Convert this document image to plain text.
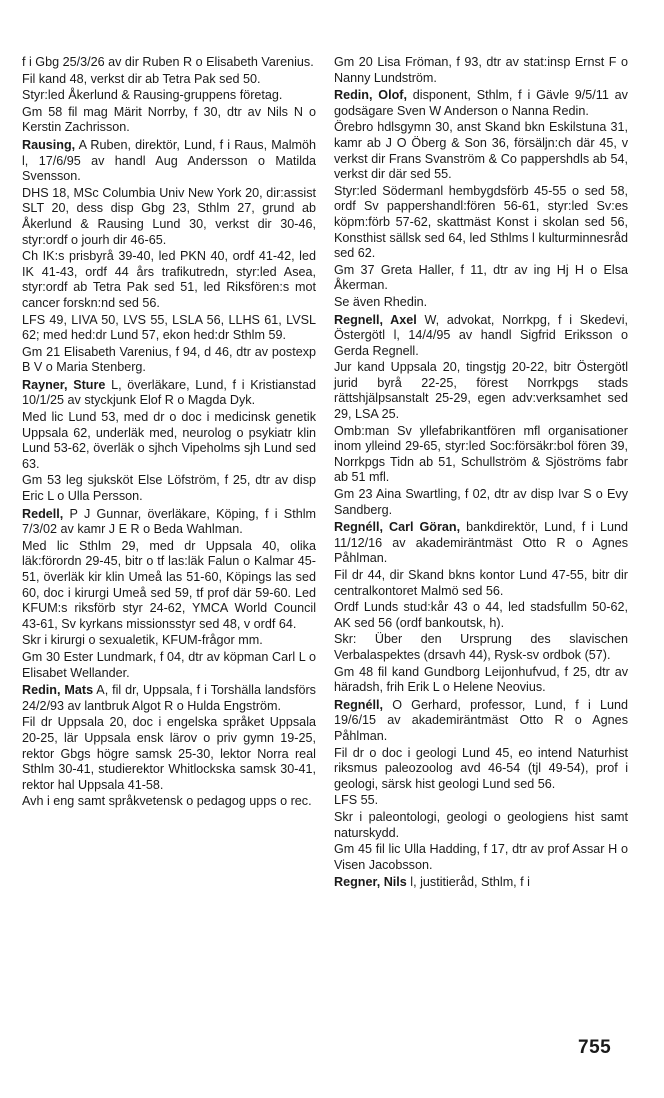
f i Gbg 25/3/26 av dir Ruben R o Elisabeth Varenius.

Fil kand 48, verkst dir ab Tetra Pak sed 50.

Styr:led Åkerlund & Rausing-gruppens företag.

Gm 58 fil mag Märit Norrby, f 30, dtr av Nils N o Kerstin Zachrisson.

Rausing, A Ruben, direktör, Lund, f i Raus, Malmöh l, 17/6/95 av handl Aug Andersson o Matilda Svensson.

DHS 18, MSc Columbia Univ New York 20, dir:assist SLT 20, dess disp Gbg 23, Sthlm 27, grund ab Åkerlund & Rausing Lund 30, verkst dir 30-46, styr:ordf o jourh dir 46-65.

Ch IK:s prisbyrå 39-40, led PKN 40, ordf 41-42, led IK 41-43, ordf 44 års trafikutredn, styr:led Asea, styr:ordf ab Tetra Pak sed 51, led Riksfören:s mot cancer forskn:nd sed 56.

LFS 49, LIVA 50, LVS 55, LSLA 56, LLHS 61, LVSL 62; med hed:dr Lund 57, ekon hed:dr Sthlm 59.

Gm 21 Elisabeth Varenius, f 94, d 46, dtr av postexp B V o Maria Stenberg.

Rayner, Sture L, överläkare, Lund, f i Kristianstad 10/1/25 av styckjunk Elof R o Magda Dyk.

Med lic Lund 53, med dr o doc i medicinsk genetik Uppsala 62, underläk med, neurolog o psykiatr klin Lund 53-62, överläk o sjhch Vipeholms sjh Lund sed 63.

Gm 53 leg sjuksköt Else Löfström, f 25, dtr av disp Eric L o Ulla Persson.

Redell, P J Gunnar, överläkare, Köping, f i Sthlm 7/3/02 av kamr J E R o Beda Wahlman.

Med lic Sthlm 29, med dr Uppsala 40, olika läk:förordn 29-45, bitr o tf las:läk Falun o Kalmar 45-51, överläk kir klin Umeå las 51-60, Köpings las sed 60, doc i kirurgi Umeå sed 59, tf prof där 59-60. Led KFUM:s riksförb styr 24-62, YMCA World Council 43-61, Sv kyrkans missionsstyr sed 48, v ordf 64.

Skr i kirurgi o sexualetik, KFUM-frågor mm.

Gm 30 Ester Lundmark, f 04, dtr av köpman Carl L o Elisabet Wellander.

Redin, Mats A, fil dr, Uppsala, f i Torshälla landsförs 24/2/93 av lantbruk Algot R o Hulda Engström.

Fil dr Uppsala 20, doc i engelska språket Uppsala 20-25, lär Uppsala ensk lärov o priv gymn 19-25, rektor Gbgs högre samsk 25-30, lektor Norra real Sthlm 30-41, studierektor Whitlockska samsk 30-41, rektor hal Uppsala 41-58.

Avh i eng samt språkvetensk o pedagog upps o rec.

Gm 20 Lisa Fröman, f 93, dtr av stat:insp Ernst F o Nanny Lundström.

Redin, Olof, disponent, Sthlm, f i Gävle 9/5/11 av godsägare Sven W Anderson o Nanna Redin.

Örebro hdlsgymn 30, anst Skand bkn Eskilstuna 31, kamr ab J O Öberg & Son 36, försäljn:ch där 45, v verkst dir Frans Svanström & Co pappershdls ab 54, verkst dir där sed 55.

Styr:led Södermanl hembygdsförb 45-55 o sed 58, ordf Sv pappershandl:fören 56-61, styr:led Sv:es köpm:förb 57-62, skattmäst Konst i skolan sed 56, Konsthist sällsk sed 64, led Sthlms l kulturminnesråd sed 62.

Gm 37 Greta Haller, f 11, dtr av ing Hj H o Elsa Åkerman.

Se även Rhedin.

Regnell, Axel W, advokat, Norrkpg, f i Skedevi, Östergötl l, 14/4/95 av handl Sigfrid Eriksson o Gerda Regnell.

Jur kand Uppsala 20, tingstjg 20-22, bitr Östergötl jurid byrå 22-25, förest Norrkpgs stads rättshjälpsanstalt 25-29, egen adv:verksamhet sed 29, LSA 25.

Omb:man Sv yllefabrikantfören mfl organisationer inom ylleind 29-65, styr:led Soc:försäkr:bol fören 39, Norrkpgs Tidn ab 51, Schullström & Sjöströms fabr ab 51 mfl.

Gm 23 Aina Swartling, f 02, dtr av disp Ivar S o Evy Sandberg.

Regnéll, Carl Göran, bankdirektör, Lund, f i Lund 11/12/16 av akademiräntmäst Otto R o Agnes Påhlman.

Fil dr 44, dir Skand bkns kontor Lund 47-55, bitr dir centralkontoret Malmö sed 56.

Ordf Lunds stud:kår 43 o 44, led stadsfullm 50-62, AK sed 56 (ordf bankoutsk, h).

Skr: Über den Ursprung des slavischen Verbalaspektes (drsavh 44), Rysk-sv ordbok (57).

Gm 48 fil kand Gundborg Leijonhufvud, f 25, dtr av häradsh, frih Erik L o Helene Neovius.

Regnéll, O Gerhard, professor, Lund, f i Lund 19/6/15 av akademiräntmäst Otto R o Agnes Påhlman.

Fil dr o doc i geologi Lund 45, eo intend Naturhist riksmus paleozoolog avd 46-54 (tjl 49-54), prof i geologi, särsk hist geologi Lund sed 56.

LFS 55.

Skr i paleontologi, geologi o geologiens hist samt naturskydd.

Gm 45 fil lic Ulla Hadding, f 17, dtr av prof Assar H o Visen Jacobsson.

Regner, Nils l, justitieråd, Sthlm, f i

755
